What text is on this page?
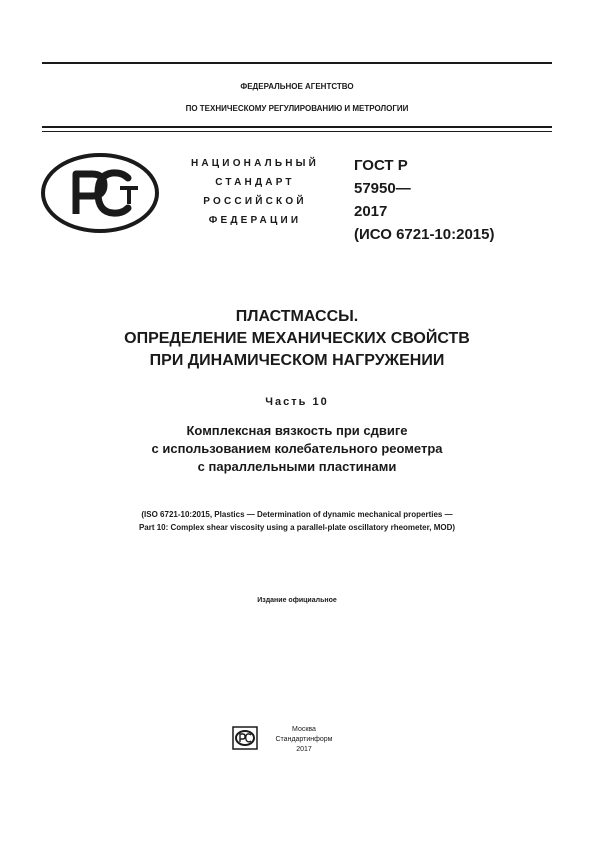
ФЕДЕРАЛЬНОЕ АГЕНТСТВО
ПО ТЕХНИЧЕСКОМУ РЕГУЛИРОВАНИЮ И МЕТРОЛОГИИ
НАЦИОНАЛЬНЫЙ
СТАНДАРТ
РОССИЙСКОЙ
ФЕДЕРАЦИИ
ГОСТ Р
57950—
2017
(ИСО 6721-10:2015)
ПЛАСТМАССЫ.
ОПРЕДЕЛЕНИЕ МЕХАНИЧЕСКИХ СВОЙСТВ
ПРИ ДИНАМИЧЕСКОМ НАГРУЖЕНИИ
Часть 10
Комплексная вязкость при сдвиге
с использованием колебательного реометра
с параллельными пластинами
(ISO 6721-10:2015, Plastics — Determination of dynamic mechanical properties —
Part 10: Complex shear viscosity using a parallel-plate oscillatory rheometer, MOD)
Издание официальное
Москва
Стандартинформ
2017
